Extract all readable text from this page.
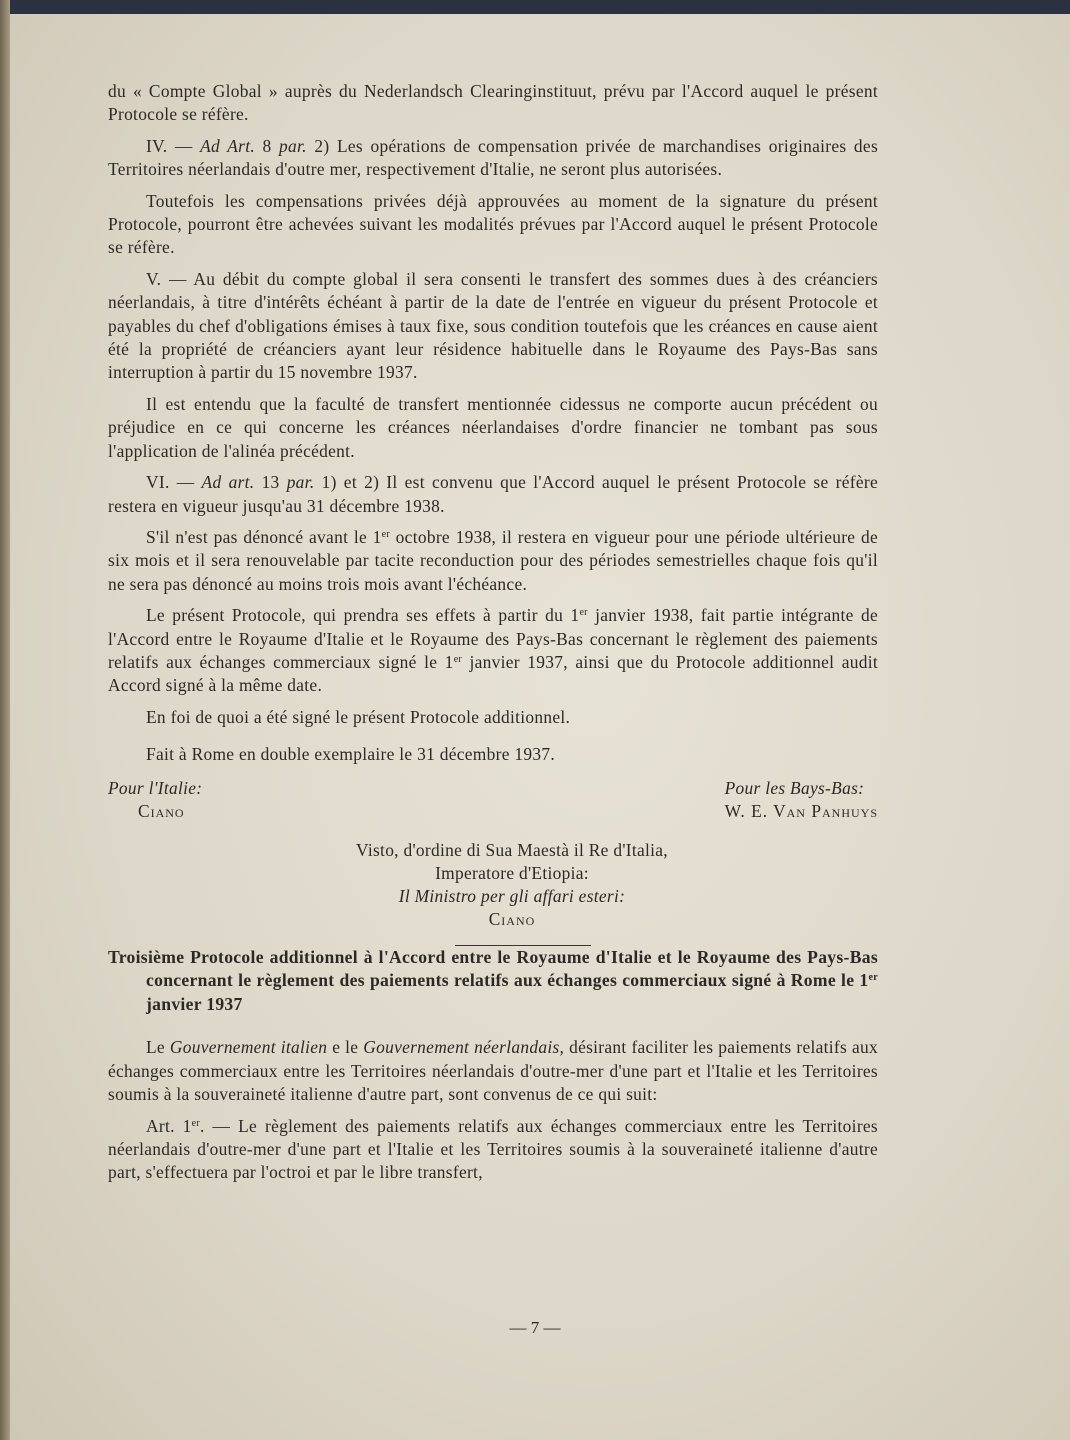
du « Compte Global » auprès du Nederlandsch Clearinginstituut, prévu par l'Accord auquel le présent Protocole se réfère.

IV. — Ad Art. 8 par. 2) Les opérations de compensation privée de marchandises originaires des Territoires néerlandais d'outre mer, respectivement d'Italie, ne seront plus autorisées.

Toutefois les compensations privées déjà approuvées au moment de la signature du présent Protocole, pourront être achevées suivant les modalités prévues par l'Accord auquel le présent Protocole se réfère.

V. — Au débit du compte global il sera consenti le transfert des sommes dues à des créanciers néerlandais, à titre d'intérêts échéant à partir de la date de l'entrée en vigueur du présent Protocole et payables du chef d'obligations émises à taux fixe, sous condition toutefois que les créances en cause aient été la propriété de créanciers ayant leur résidence habituelle dans le Royaume des Pays-Bas sans interruption à partir du 15 novembre 1937.

Il est entendu que la faculté de transfert mentionnée cidessus ne comporte aucun précédent ou préjudice en ce qui concerne les créances néerlandaises d'ordre financier ne tombant pas sous l'application de l'alinéa précédent.

VI. — Ad art. 13 par. 1) et 2) Il est convenu que l'Accord auquel le présent Protocole se réfère restera en vigueur jusqu'au 31 décembre 1938.

S'il n'est pas dénoncé avant le 1er octobre 1938, il restera en vigueur pour une période ultérieure de six mois et il sera renouvelable par tacite reconduction pour des périodes semestrielles chaque fois qu'il ne sera pas dénoncé au moins trois mois avant l'échéance.

Le présent Protocole, qui prendra ses effets à partir du 1er janvier 1938, fait partie intégrante de l'Accord entre le Royaume d'Italie et le Royaume des Pays-Bas concernant le règlement des paiements relatifs aux échanges commerciaux signé le 1er janvier 1937, ainsi que du Protocole additionnel audit Accord signé à la même date.

En foi de quoi a été signé le présent Protocole additionnel.

Fait à Rome en double exemplaire le 31 décembre 1937.

Pour l'Italie:
Ciano
Pour les Bays-Bas:
W. E. Van Panhuys
Visto, d'ordine di Sua Maestà il Re d'Italia,
Imperatore d'Etiopia:
Il Ministro per gli affari esteri:
Ciano

Troisième Protocole additionnel à l'Accord entre le Royaume d'Italie et le Royaume des Pays-Bas concernant le règlement des paiements relatifs aux échanges commerciaux signé à Rome le 1er janvier 1937

Le Gouvernement italien e le Gouvernement néerlandais, désirant faciliter les paiements relatifs aux échanges commerciaux entre les Territoires néerlandais d'outre-mer d'une part et l'Italie et les Territoires soumis à la souveraineté italienne d'autre part, sont convenus de ce qui suit:

Art. 1er. — Le règlement des paiements relatifs aux échanges commerciaux entre les Territoires néerlandais d'outre-mer d'une part et l'Italie et les Territoires soumis à la souveraineté italienne d'autre part, s'effectuera par l'octroi et par le libre transfert,

— 7 —
